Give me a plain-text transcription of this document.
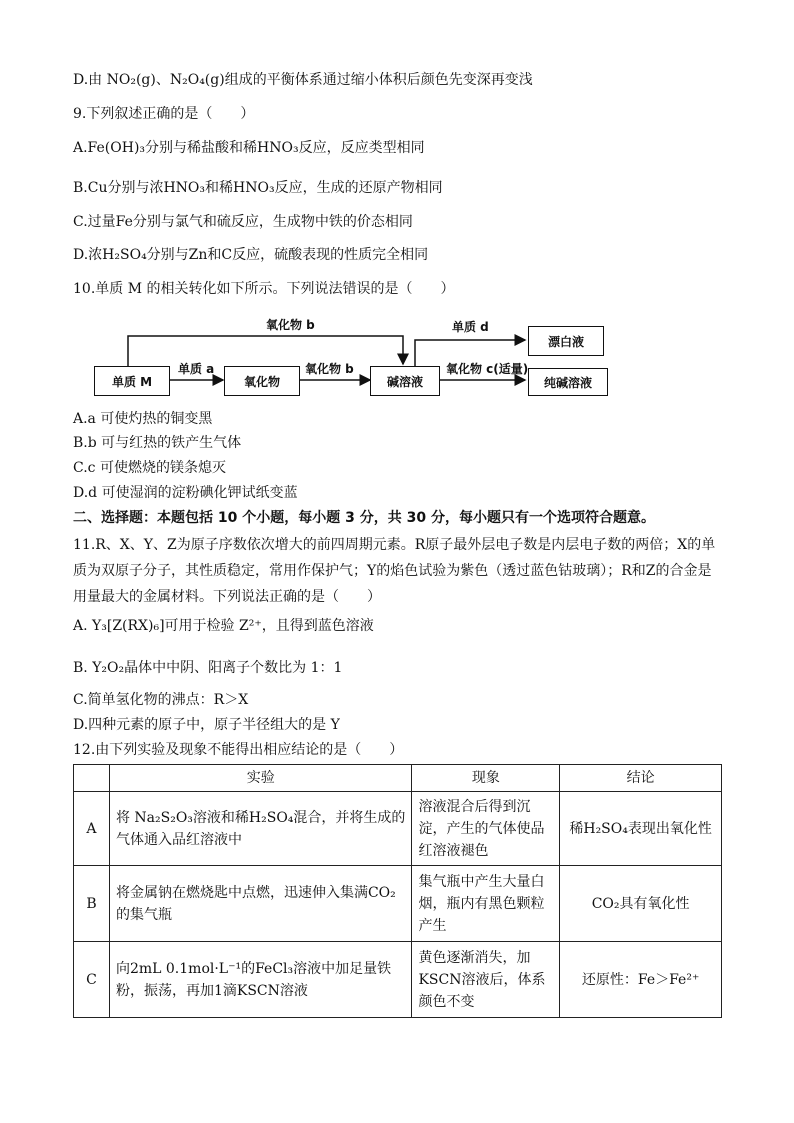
D.由 NO₂(g)、N₂O₄(g)组成的平衡体系通过缩小体积后颜色先变深再变浅
9.下列叙述正确的是（　　）
A.Fe(OH)₃分别与稀盐酸和稀HNO₃反应，反应类型相同
B.Cu分别与浓HNO₃和稀HNO₃反应，生成的还原产物相同
C.过量Fe分别与氯气和硫反应，生成物中铁的价态相同
D.浓H₂SO₄分别与Zn和C反应，硫酸表现的性质完全相同
10.单质 M 的相关转化如下所示。下列说法错误的是（　　）
单质 M	氧化物	碱溶液
漂白液
纯碱溶液
氧化物 b
单质 a	氧化物 b
单质 d
氧化物 c(适量)
A.a 可使灼热的铜变黑
B.b 可与红热的铁产生气体
C.c 可使燃烧的镁条熄灭
D.d 可使湿润的淀粉碘化钾试纸变蓝
二、选择题：本题包括 10 个小题，每小题 3 分，共 30 分，每小题只有一个选项符合题意。
11.R、X、Y、Z为原子序数依次增大的前四周期元素。R原子最外层电子数是内层电子数的两倍；X的单质为双原子分子，其性质稳定，常用作保护气；Y的焰色试验为紫色（透过蓝色钴玻璃）；R和Z的合金是用量最大的金属材料。下列说法正确的是（　　）
A. Y₃[Z(RX)₆]可用于检验 Z²⁺，且得到蓝色溶液
B. Y₂O₂晶体中中阴、阳离子个数比为 1：1
C.简单氢化物的沸点：R＞X
D.四种元素的原子中，原子半径组大的是 Y
12.由下列实验及现象不能得出相应结论的是（　　）
	实验	现象	结论
A	将 Na₂S₂O₃溶液和稀H₂SO₄混合，并将生成的气体通入品红溶液中	溶液混合后得到沉淀，产生的气体使品红溶液褪色	稀H₂SO₄表现出氧化性
B	将金属钠在燃烧匙中点燃，迅速伸入集满CO₂的集气瓶	集气瓶中产生大量白烟，瓶内有黑色颗粒产生	CO₂具有氧化性
C	向2mL 0.1mol·L⁻¹的FeCl₃溶液中加足量铁粉，振荡，再加1滴KSCN溶液	黄色逐渐消失，加KSCN溶液后，体系颜色不变	还原性：Fe＞Fe²⁺
